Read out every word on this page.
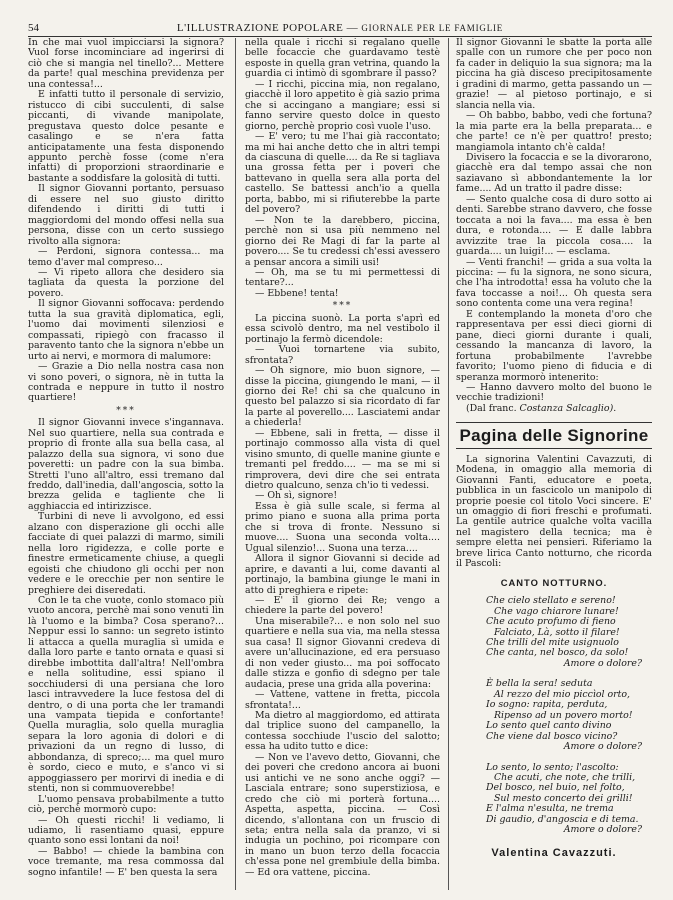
54	L'ILLUSTRAZIONE POPOLARE — GIORNALE PER LE FAMIGLIE

In che mai vuol impicciarsi la signora? Vuol forse incominciare ad ingerirsi di ciò che si mangia nel tinello?... Mettere da parte! qual meschina previdenza per una contessa!...

E infatti tutto il personale di servizio, ristucco di cibi succulenti, di salse piccanti, di vivande manipolate, pregustava questo dolce pesante e casalingo e se n'era fatta anticipatamente una festa disponendo appunto perchè fosse (come n'era infatti) di proporzioni straordinarie e bastante a soddisfare la golosità di tutti.

Il signor Giovanni portanto, persuaso di essere nel suo giusto diritto difendendo i diritti di tutti i maggiordomi del mondo offesi nella sua persona, disse con un certo sussiego rivolto alla signora:

— Perdoni, signora contessa... ma temo d'aver mal compreso...

— Vi ripeto allora che desidero sia tagliata da questa la porzione del povero.

Il signor Giovanni soffocava: perdendo tutta la sua gravità diplomatica, egli, l'uomo dai movimenti silenziosi e compassati, ripiegò con fracasso il paravento tanto che la signora n'ebbe un urto ai nervi, e mormora di malumore:

— Grazie a Dio nella nostra casa non vi sono poveri, o signora, nè in tutta la contrada e neppure in tutto il nostro quartiere!

***

Il signor Giovanni invece s'ingannava. Nel suo quartiere, nella sua contrada e proprio di fronte alla sua bella casa, al palazzo della sua signora, vi sono due poveretti: un padre con la sua bimba. Stretti l'uno all'altro, essi tremano dal freddo, dall'inedia, dall'angoscia, sotto la brezza gelida e tagliente che li agghiaccia ed intirizzisce.

Turbini di neve li avvolgono, ed essi alzano con disperazione gli occhi alle facciate di quei palazzi di marmo, simili nella loro rigidezza, e colle porte e finestre ermeticamente chiuse, a quegli egoisti che chiudono gli occhi per non vedere e le orecchie per non sentire le preghiere dei diseredati.

Con le ta che vuote, conlo stomaco più vuoto ancora, perchè mai sono venuti lìn là l'uomo e la bimba? Cosa sperano?... Neppur essi lo sanno: un segreto istinto li attacca a quella muraglia sì umida e dalla loro parte e tanto ornata e quasi si direbbe imbottita dall'altra! Nell'ombra e nella solitudine, essi spiano il socchiudersi di una persiana che loro lasci intravvedere la luce festosa del di dentro, o di una porta che ler tramandi una vampata tiepida e confortante! Quella muraglia, solo quella muraglia separa la loro agonia di dolori e di privazioni da un regno di lusso, di abbondanza, di spreco;... ma quel muro è sordo, cieco e muto, e s'anco vi si appoggiassero per morirvi di inedia e di stenti, non si commuoverebbe!

L'uomo pensava probabilmente a tutto ciò, perchè mormorò cupo:

— Oh questi ricchi! li vediamo, li udiamo, li rasentiamo quasi, eppure quanto sono essi lontani da noi!

— Babbo! — chiede la bambina con voce tremante, ma resa commossa dal sogno infantile! — E' ben questa la sera

nella quale i ricchi si regalano quelle belle focaccie che guardavamo testè esposte in quella gran vetrina, quando la guardia ci intimò di sgombrare il passo?

— I ricchi, piccina mia, non regalano, giacchè il loro appetito è già sazio prima che si accingano a mangiare; essi si fanno servire questo dolce in questo giorno, perchè proprio così vuole l'uso.

— E' vero; tu me l'hai già raccontato; ma mi hai anche detto che in altri tempi da ciascuna di quelle.... da Re si tagliava una grossa fetta per i poveri che battevano in quella sera alla porta del castello. Se battessi anch'io a quella porta, babbo, mi si rifiuterebbe la parte del povero?

— Non te la darebbero, piccina, perchè non si usa più nemmeno nel giorno dei Re Magi di far la parte al povero.... Se tu credessi ch'essi avessero a pensar ancora a simili usi!

— Oh, ma se tu mi permettessi di tentare?...

— Ebbene! tenta!

***

La piccina suonò. La porta s'aprì ed essa scivolò dentro, ma nel vestibolo il portinajo la fermò dicendole:

— Vuoi tornartene via subito, sfrontata?

— Oh signore, mio buon signore, — disse la piccina, giungendo le mani, — il giorno dei Re! chi sa che qualcuno in questo bel palazzo si sia ricordato di far la parte al poverello.... Lasciatemi andar a chiederla!

— Ebbene, sali in fretta, — disse il portinajo commosso alla vista di quel visino smunto, di quelle manine giunte e tremanti pel freddo.... — ma se mi si rimprovera, devi dire che sei entrata dietro qualcuno, senza ch'io ti vedessi.

— Oh sì, signore!

Essa è già sulle scale, si ferma al primo piano e suona alla prima porta che si trova di fronte. Nessuno si muove.... Suona una seconda volta.... Ugual silenzio!... Suona una terza....

Allora il signor Giovanni si decide ad aprire, e davanti a lui, come davanti al portinajo, la bambina giunge le mani in atto di preghiera e ripete:

— E' il giorno dei Re; vengo a chiedere la parte del povero!

Una miserabile?... e non solo nel suo quartiere e nella sua via, ma nella stessa sua casa! Il signor Giovanni credeva di avere un'allucinazione, ed era persuaso di non veder giusto... ma poi soffocato dalle stizza e gonfio di sdegno per tale audacia, prese una grida alla poverina:

— Vattene, vattene in fretta, piccola sfrontata!...

Ma dietro al maggiordomo, ed attirata dal triplice suono del campanello, la contessa socchiude l'uscio del salotto; essa ha udito tutto e dice:

— Non ve l'avevo detto, Giovanni, che dei poveri che credono ancora ai buoni usi antichi ve ne sono anche oggi? — Lasciala entrare; sono superstiziosa, e credo che ciò mi porterà fortuna.... Aspetta, aspetta, piccina. — Così dicendo, s'allontana con un fruscio di seta; entra nella sala da pranzo, vi si indugia un pochino, poi ricompare con in mano un buon terzo della focaccia ch'essa pone nel grembiule della bimba. — Ed ora vattene, piccina.

Il signor Giovanni le sbatte la porta alle spalle con un rumore che per poco non fa cader in deliquio la sua signora; ma la piccina ha già disceso precipitosamente i gradini di marmo, getta passando un — grazie! — al pietoso portinajo, e si slancia nella via.

— Oh babbo, babbo, vedi che fortuna? la mia parte era la bella preparata... e che parte! ce n'è per quattro! presto; mangiamola intanto ch'è calda!

Divisero la focaccia e se la divorarono, giacchè era dal tempo assai che non saziavano sì abbondantemente la lor fame.... Ad un tratto il padre disse:

— Sento qualche cosa di duro sotto ai denti. Sarebbe strano davvero, che fosse toccata a noi la fava.... ma essa è ben dura, e rotonda.... — E dalle labbra avvizzite trae la piccola cosa.... la guarda.... un luigi!... — esclama.

— Venti franchi! — grida a sua volta la piccina: — fu la signora, ne sono sicura, che l'ha introdotta! essa ha voluto che la fava toccasse a noi!... Oh questa sera sono contenta come una vera regina!

E contemplando la moneta d'oro che rappresentava per essi dieci giorni di pane, dieci giorni durante i quali, cessando la mancanza di lavoro, la fortuna probabilmente l'avrebbe favorito; l'uomo pieno di fiducia e di speranza mormorò intenerito:

— Hanno davvero molto del buono le vecchie tradizioni!

(Dal franc. Costanza Salcaglio).

Pagina delle Signorine

La signorina Valentini Cavazzuti, di Modena, in omaggio alla memoria di Giovanni Fanti, educatore e poeta, pubblica in un fascicolo un manipolo di proprie poesie col titolo Voci sincere. E' un omaggio di fiori freschi e profumati. La gentile autrice qualche volta vacilla nel magistero della tecnica; ma è sempre eletta nei pensieri. Riferiamo la breve lirica Canto notturno, che ricorda il Pascoli:

CANTO NOTTURNO.
Che cielo stellato e sereno!
Che vago chiarore lunare!
Che acuto profumo di fieno
Falciato, Là, sotto il filare!
Che trilli del mite usignuolo
Che canta, nel bosco, da solo!
Amore o dolore?
È bella la sera! seduta
Al rezzo del mio piccìol orto,
Io sogno: rapita, perduta,
Ripenso ad un povero morto!
Lo sento quel canto divino
Che viene dal bosco vicino?
Amore o dolore?
Lo sento, lo sento; l'ascolto:
Che acuti, che note, che trilli,
Del bosco, nel buio, nel folto,
Sul mesto concerto dei grilli!
E l'alma n'esulta, ne trema
Di gaudio, d'angoscia e di tema.
Amore o dolore?
Valentina Cavazzuti.
